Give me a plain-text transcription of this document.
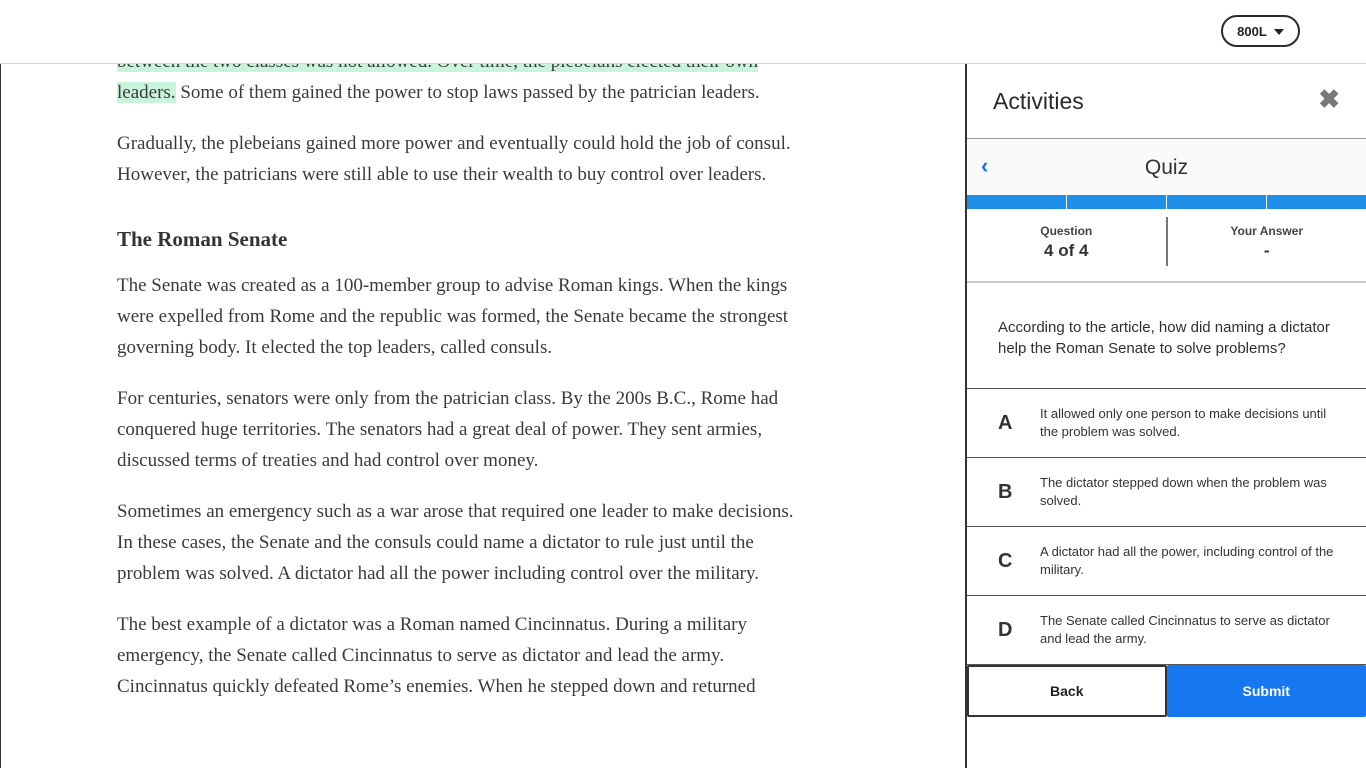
800L

leaders. Some of them gained the power to stop laws passed by the patrician leaders.

Gradually, the plebeians gained more power and eventually could hold the job of consul. However, the patricians were still able to use their wealth to buy control over leaders.

The Roman Senate

The Senate was created as a 100-member group to advise Roman kings. When the kings were expelled from Rome and the republic was formed, the Senate became the strongest governing body. It elected the top leaders, called consuls.

For centuries, senators were only from the patrician class. By the 200s B.C., Rome had conquered huge territories. The senators had a great deal of power. They sent armies, discussed terms of treaties and had control over money.

Sometimes an emergency such as a war arose that required one leader to make decisions. In these cases, the Senate and the consuls could name a dictator to rule just until the problem was solved. A dictator had all the power including control over the military.

The best example of a dictator was a Roman named Cincinnatus. During a military emergency, the Senate called Cincinnatus to serve as dictator and lead the army. Cincinnatus quickly defeated Rome’s enemies. When he stepped down and returned

Activities	✖
‹	Quiz
Question
4 of 4
Your Answer
-
According to the article, how did naming a dictator help the Roman Senate to solve problems?
A	It allowed only one person to make decisions until the problem was solved.
B	The dictator stepped down when the problem was solved.
C	A dictator had all the power, including control of the military.
D	The Senate called Cincinnatus to serve as dictator and lead the army.
Back	Submit
